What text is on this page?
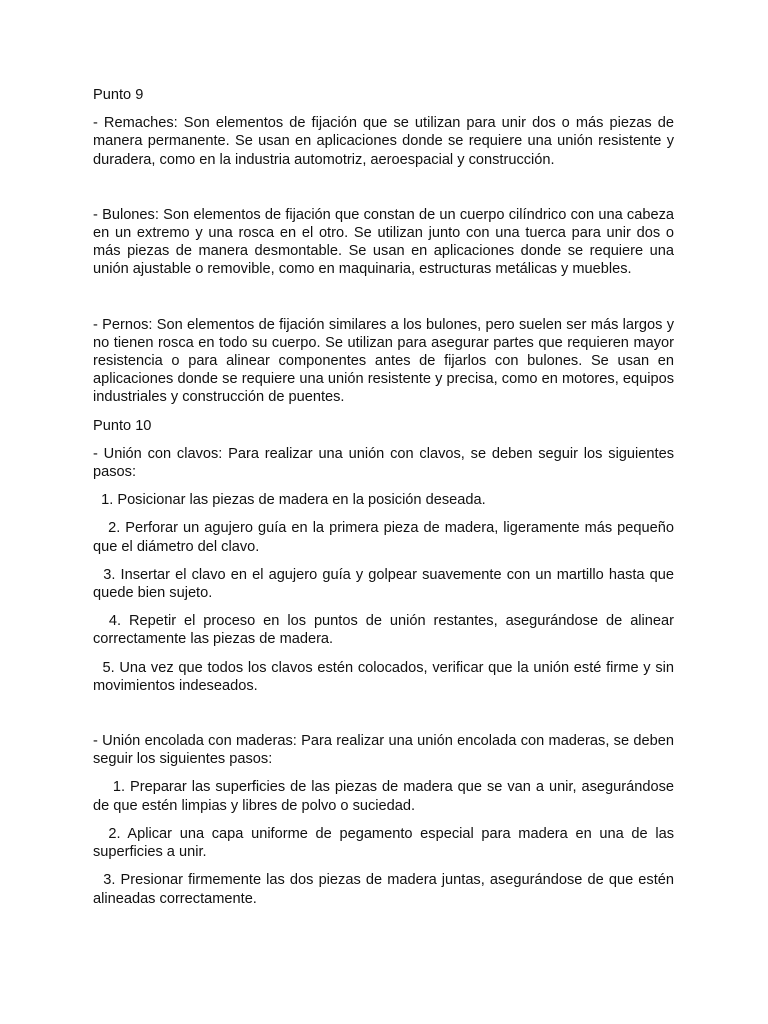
Punto 9

- Remaches: Son elementos de fijación que se utilizan para unir dos o más piezas de manera permanente. Se usan en aplicaciones donde se requiere una unión resistente y duradera, como en la industria automotriz, aeroespacial y construcción.

- Bulones: Son elementos de fijación que constan de un cuerpo cilíndrico con una cabeza en un extremo y una rosca en el otro. Se utilizan junto con una tuerca para unir dos o más piezas de manera desmontable. Se usan en aplicaciones donde se requiere una unión ajustable o removible, como en maquinaria, estructuras metálicas y muebles.

- Pernos: Son elementos de fijación similares a los bulones, pero suelen ser más largos y no tienen rosca en todo su cuerpo. Se utilizan para asegurar partes que requieren mayor resistencia o para alinear componentes antes de fijarlos con bulones. Se usan en aplicaciones donde se requiere una unión resistente y precisa, como en motores, equipos industriales y construcción de puentes.

Punto 10

- Unión con clavos: Para realizar una unión con clavos, se deben seguir los siguientes pasos:

1. Posicionar las piezas de madera en la posición deseada.

2. Perforar un agujero guía en la primera pieza de madera, ligeramente más pequeño que el diámetro del clavo.

3. Insertar el clavo en el agujero guía y golpear suavemente con un martillo hasta que quede bien sujeto.

4. Repetir el proceso en los puntos de unión restantes, asegurándose de alinear correctamente las piezas de madera.

5. Una vez que todos los clavos estén colocados, verificar que la unión esté firme y sin movimientos indeseados.

- Unión encolada con maderas: Para realizar una unión encolada con maderas, se deben seguir los siguientes pasos:

1. Preparar las superficies de las piezas de madera que se van a unir, asegurándose de que estén limpias y libres de polvo o suciedad.

2. Aplicar una capa uniforme de pegamento especial para madera en una de las superficies a unir.

3. Presionar firmemente las dos piezas de madera juntas, asegurándose de que estén alineadas correctamente.
